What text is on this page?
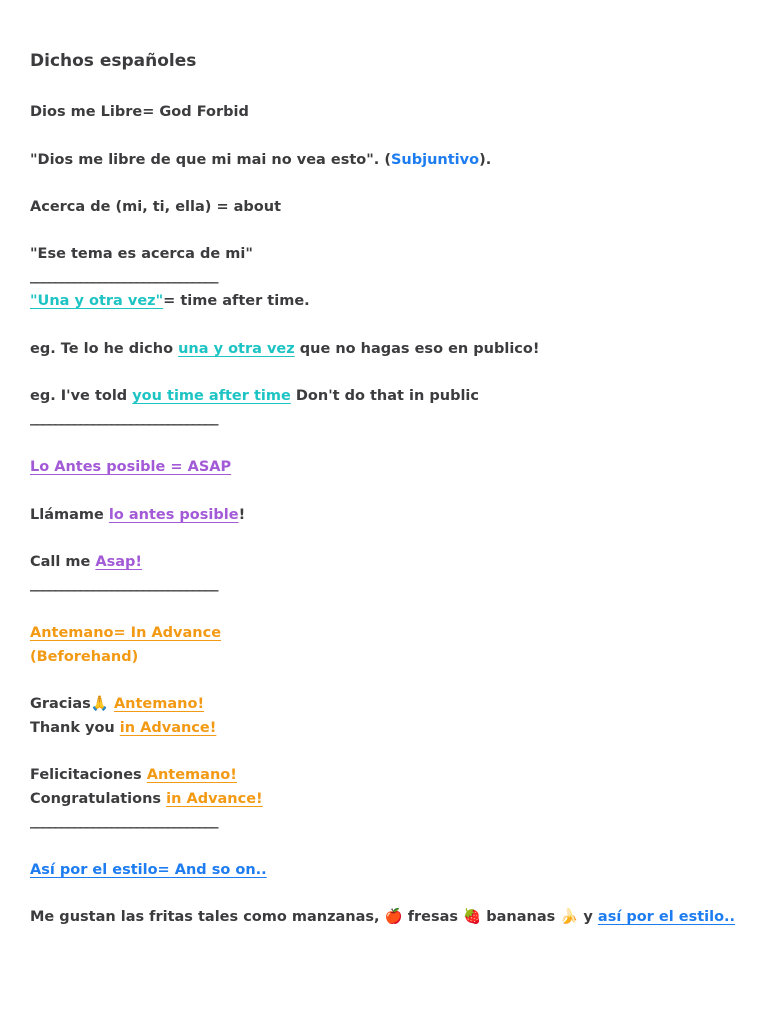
Dichos españoles
Dios me Libre= God Forbid
"Dios me libre de que mi mai no vea esto". (Subjuntivo).
Acerca de (mi, ti, ella) = about
"Ese tema es acerca de mi"
______________________________
"Una y otra vez"= time after time.
eg. Te lo he dicho una y otra vez que no hagas eso en publico!
eg. I've told you time after time Don't do that in public
______________________________
Lo Antes posible = ASAP
Llámame lo antes posible!
Call me Asap!
______________________________
Antemano= In Advance
(Beforehand)
Gracias🙏 Antemano!
Thank you in Advance!
Felicitaciones Antemano!
Congratulations in Advance!
______________________________
Así por el estilo= And so on..
Me gustan las fritas tales como manzanas, 🍎 fresas 🍓 bananas 🍌 y así por el estilo..
